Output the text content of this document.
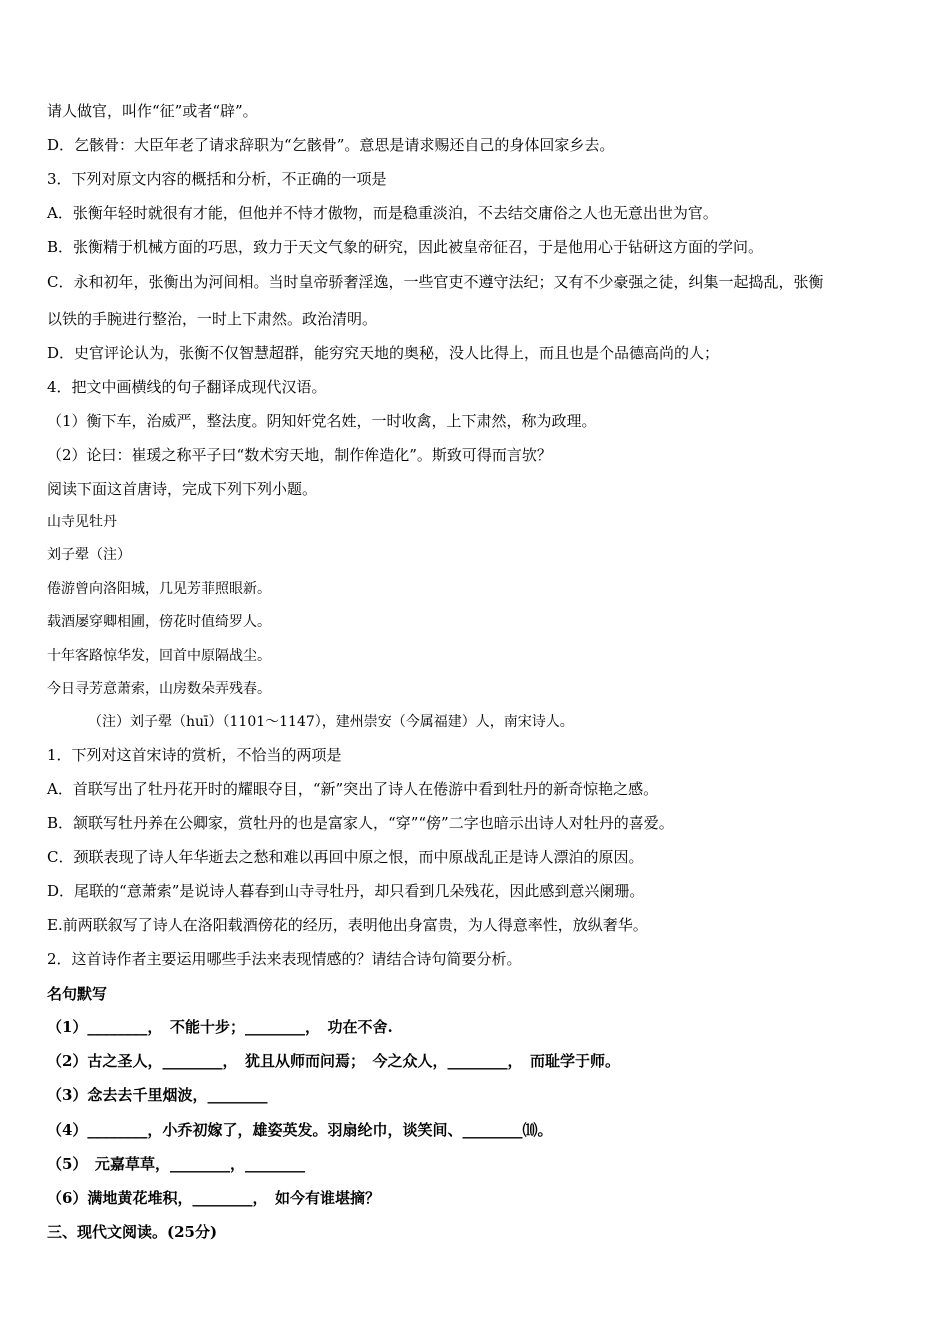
请人做官，叫作“征”或者“辟”。
D．乞骸骨：大臣年老了请求辞职为“乞骸骨”。意思是请求赐还自己的身体回家乡去。
3．下列对原文内容的概括和分析，不正确的一项是
A．张衡年轻时就很有才能，但他并不恃才傲物，而是稳重淡泊，不去结交庸俗之人也无意出世为官。
B．张衡精于机械方面的巧思，致力于天文气象的研究，因此被皇帝征召，于是他用心于钻研这方面的学问。
C．永和初年，张衡出为河间相。当时皇帝骄奢淫逸，一些官吏不遵守法纪；又有不少豪强之徒，纠集一起捣乱，张衡
以铁的手腕进行整治，一时上下肃然。政治清明。
D．史官评论认为，张衡不仅智慧超群，能穷究天地的奥秘，没人比得上，而且也是个品德高尚的人；
4．把文中画横线的句子翻译成现代汉语。
（1）衡下车，治威严，整法度。阴知奸党名姓，一时收禽，上下肃然，称为政理。
（2）论曰：崔瑗之称平子曰“数术穷天地，制作侔造化”。斯致可得而言欤？
阅读下面这首唐诗，完成下列下列小题。
山寺见牡丹
刘子翚（注）
倦游曾向洛阳城，几见芳菲照眼新。
载酒屡穿卿相圃，傍花时值绮罗人。
十年客路惊华发，回首中原隔战尘。
今日寻芳意萧索，山房数朵弄残春。
（注）刘子翚（huī）（1101～1147），建州崇安（今属福建）人，南宋诗人。
1．下列对这首宋诗的赏析，不恰当的两项是
A．首联写出了牡丹花开时的耀眼夺目，“新”突出了诗人在倦游中看到牡丹的新奇惊艳之感。
B．颔联写牡丹养在公卿家，赏牡丹的也是富家人，“穿”“傍”二字也暗示出诗人对牡丹的喜爱。
C．颈联表现了诗人年华逝去之愁和难以再回中原之恨，而中原战乱正是诗人漂泊的原因。
D．尾联的“意萧索”是说诗人暮春到山寺寻牡丹，却只看到几朵残花，因此感到意兴阑珊。
E.前两联叙写了诗人在洛阳载酒傍花的经历，表明他出身富贵，为人得意率性，放纵奢华。
2．这首诗作者主要运用哪些手法来表现情感的？请结合诗句简要分析。
名句默写
（1）________，　不能十步；________，　功在不舍.
（2）古之圣人，________，　犹且从师而问焉；　今之众人，________，　而耻学于师。
（3）念去去千里烟波，________
（4）________，小乔初嫁了，雄姿英发。羽扇纶巾，谈笑间、________⑽。
（5）　元嘉草草，________，________
（6）满地黄花堆积，________，　如今有谁堪摘？
三、现代文阅读。(25分)
